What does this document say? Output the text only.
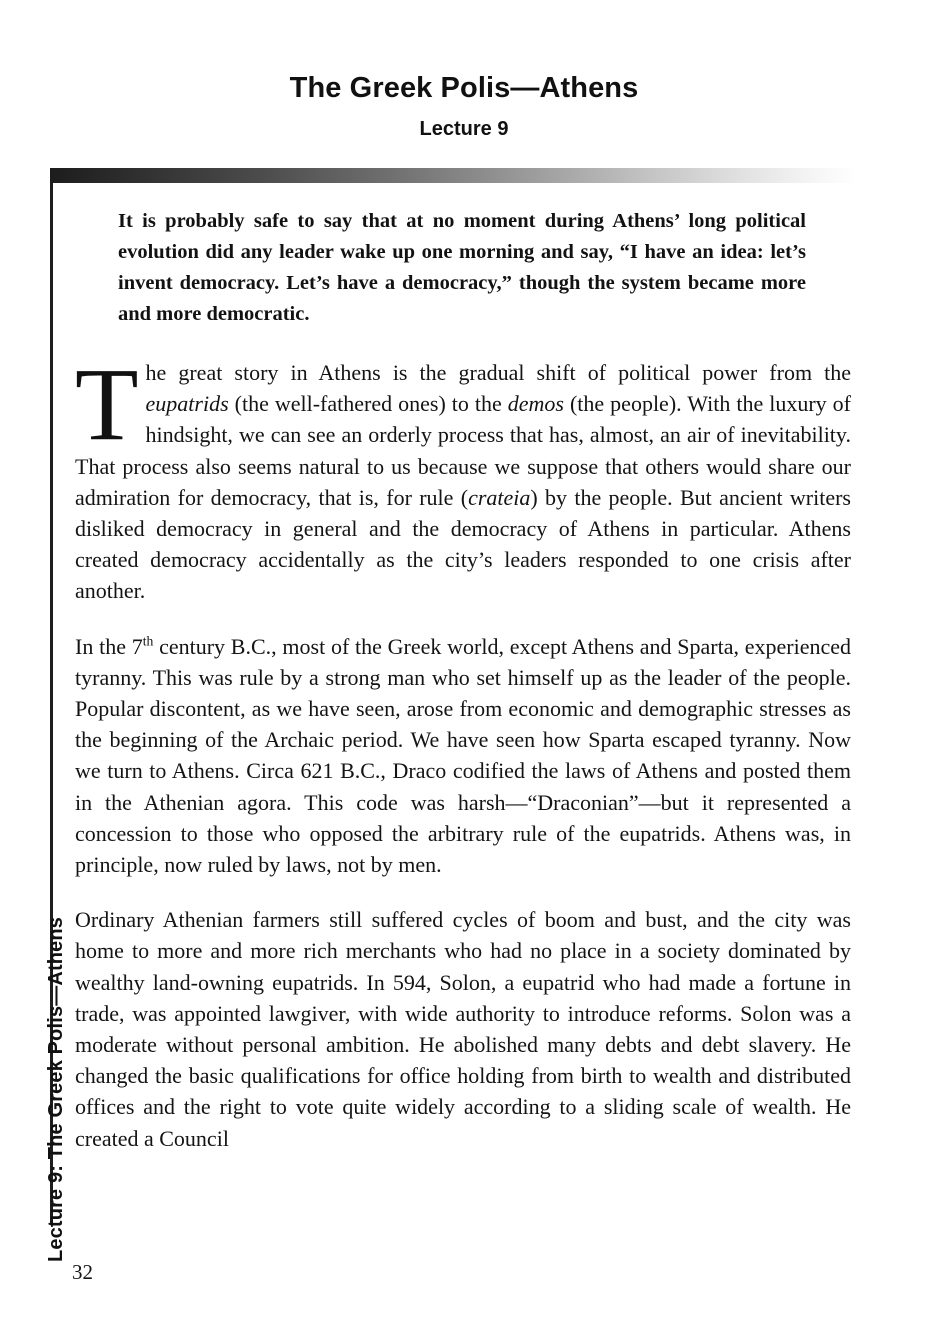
The Greek Polis—Athens
Lecture 9
Lecture 9: The Greek Polis—Athens

It is probably safe to say that at no moment during Athens’ long political evolution did any leader wake up one morning and say, “I have an idea: let’s invent democracy. Let’s have a democracy,” though the system became more and more democratic.

The great story in Athens is the gradual shift of political power from the eupatrids (the well-fathered ones) to the demos (the people). With the luxury of hindsight, we can see an orderly process that has, almost, an air of inevitability. That process also seems natural to us because we suppose that others would share our admiration for democracy, that is, for rule (crateia) by the people. But ancient writers disliked democracy in general and the democracy of Athens in particular. Athens created democracy accidentally as the city’s leaders responded to one crisis after another.

In the 7th century B.C., most of the Greek world, except Athens and Sparta, experienced tyranny. This was rule by a strong man who set himself up as the leader of the people. Popular discontent, as we have seen, arose from economic and demographic stresses as the beginning of the Archaic period. We have seen how Sparta escaped tyranny. Now we turn to Athens. Circa 621 B.C., Draco codified the laws of Athens and posted them in the Athenian agora. This code was harsh—“Draconian”—but it represented a concession to those who opposed the arbitrary rule of the eupatrids. Athens was, in principle, now ruled by laws, not by men.

Ordinary Athenian farmers still suffered cycles of boom and bust, and the city was home to more and more rich merchants who had no place in a society dominated by wealthy land-owning eupatrids. In 594, Solon, a eupatrid who had made a fortune in trade, was appointed lawgiver, with wide authority to introduce reforms. Solon was a moderate without personal ambition. He abolished many debts and debt slavery. He changed the basic qualifications for office holding from birth to wealth and distributed offices and the right to vote quite widely according to a sliding scale of wealth. He created a Council

32
